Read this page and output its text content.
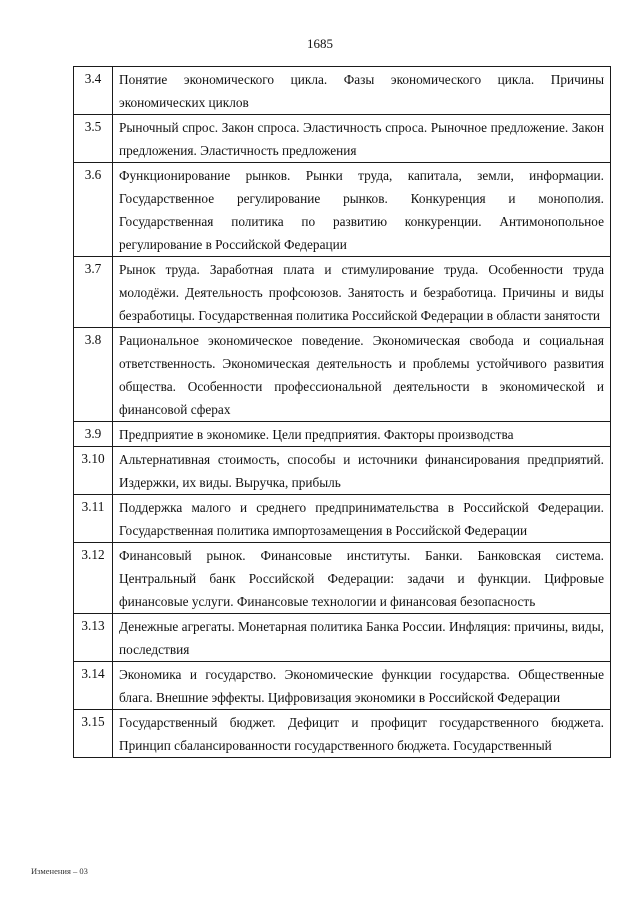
1685
3.4	Понятие экономического цикла. Фазы экономического цикла. Причины экономических циклов
3.5	Рыночный спрос. Закон спроса. Эластичность спроса. Рыночное предложение. Закон предложения. Эластичность предложения
3.6	Функционирование рынков. Рынки труда, капитала, земли, информации. Государственное регулирование рынков. Конкуренция и монополия. Государственная политика по развитию конкуренции. Антимонопольное регулирование в Российской Федерации
3.7	Рынок труда. Заработная плата и стимулирование труда. Особенности труда молодёжи. Деятельность профсоюзов. Занятость и безработица. Причины и виды безработицы. Государственная политика Российской Федерации в области занятости
3.8	Рациональное экономическое поведение. Экономическая свобода и социальная ответственность. Экономическая деятельность и проблемы устойчивого развития общества. Особенности профессиональной деятельности в экономической и финансовой сферах
3.9	Предприятие в экономике. Цели предприятия. Факторы производства
3.10	Альтернативная стоимость, способы и источники финансирования предприятий. Издержки, их виды. Выручка, прибыль
3.11	Поддержка малого и среднего предпринимательства в Российской Федерации. Государственная политика импортозамещения в Российской Федерации
3.12	Финансовый рынок. Финансовые институты. Банки. Банковская система. Центральный банк Российской Федерации: задачи и функции. Цифровые финансовые услуги. Финансовые технологии и финансовая безопасность
3.13	Денежные агрегаты. Монетарная политика Банка России. Инфляция: причины, виды, последствия
3.14	Экономика и государство. Экономические функции государства. Общественные блага. Внешние эффекты. Цифровизация экономики в Российской Федерации
3.15	Государственный бюджет. Дефицит и профицит государственного бюджета. Принцип сбалансированности государственного бюджета. Государственный
Изменения – 03
